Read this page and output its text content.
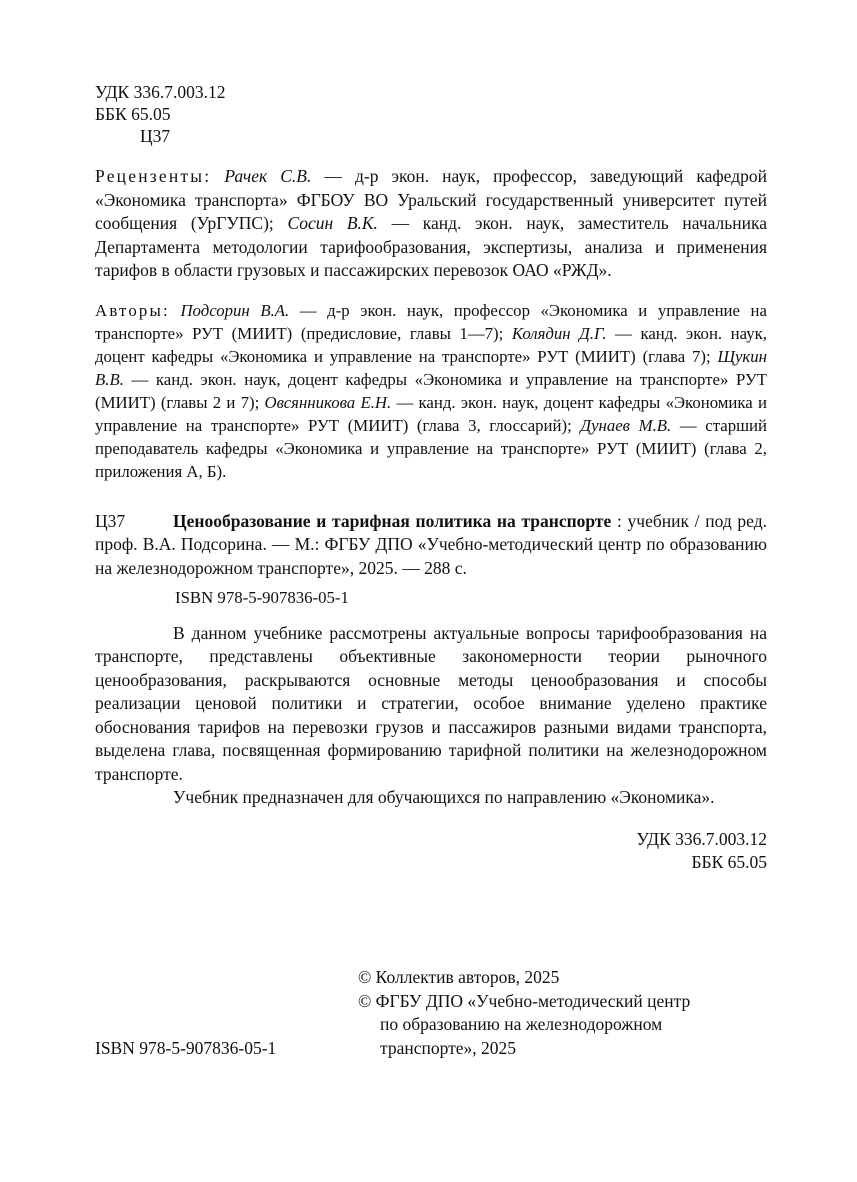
УДК 336.7.003.12
ББК 65.05
Ц37
Рецензенты: Рачек С.В. — д-р экон. наук, профессор, заведующий кафедрой «Экономика транспорта» ФГБОУ ВО Уральский государственный университет путей сообщения (УрГУПС); Сосин В.К. — канд. экон. наук, заместитель начальника Департамента методологии тарифообразования, экспертизы, анализа и применения тарифов в области грузовых и пассажирских перевозок ОАО «РЖД».
Авторы: Подсорин В.А. — д-р экон. наук, профессор «Экономика и управление на транспорте» РУТ (МИИТ) (предисловие, главы 1—7); Колядин Д.Г. — канд. экон. наук, доцент кафедры «Экономика и управление на транспорте» РУТ (МИИТ) (глава 7); Щукин В.В. — канд. экон. наук, доцент кафедры «Экономика и управление на транспорте» РУТ (МИИТ) (главы 2 и 7); Овсянникова Е.Н. — канд. экон. наук, доцент кафедры «Экономика и управление на транспорте» РУТ (МИИТ) (глава 3, глоссарий); Дунаев М.В. — старший преподаватель кафедры «Экономика и управление на транспорте» РУТ (МИИТ) (глава 2, приложения А, Б).
Ц37	Ценообразование и тарифная политика на транспорте : учебник / под ред. проф. В.А. Подсорина. — М.: ФГБУ ДПО «Учебно-методический центр по образованию на железнодорожном транспорте», 2025. — 288 с.
ISBN 978-5-907836-05-1

В данном учебнике рассмотрены актуальные вопросы тарифообразования на транспорте, представлены объективные закономерности теории рыночного ценообразования, раскрываются основные методы ценообразования и способы реализации ценовой политики и стратегии, особое внимание уделено практике обоснования тарифов на перевозки грузов и пассажиров разными видами транспорта, выделена глава, посвященная формированию тарифной политики на железнодорожном транспорте.

Учебник предназначен для обучающихся по направлению «Экономика».

УДК 336.7.003.12
ББК 65.05
© Коллектив авторов, 2025
© ФГБУ ДПО «Учебно-методический центр
по образованию на железнодорожном
транспорте», 2025
ISBN 978-5-907836-05-1
